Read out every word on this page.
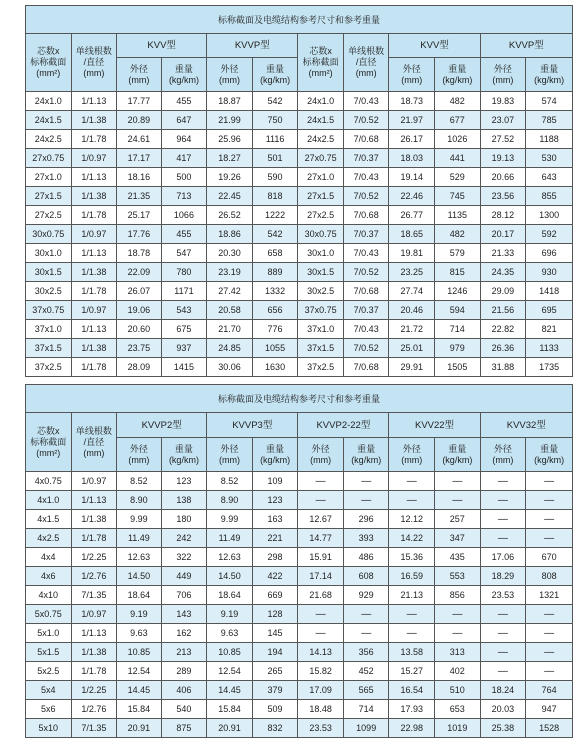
标称截面及电缆结构参考尺寸和参考重量											
芯数x
标称截面
(mm²)	单线根数
/直径
(mm)	KVV型		KVVP型		芯数x
标称截面
(mm²)	单线根数
/直径
(mm)	KVV型		KVVP型	
		外径
(mm)	重量
(kg/km)	外径
(mm)	重量
(kg/km)			外径
(mm)	重量
(kg/km)	外径
(mm)	重量
(kg/km)
24x1.0	1/1.13	17.77	455	18.87	542	24x1.0	7/0.43	18.73	482	19.83	574
24x1.5	1/1.38	20.89	647	21.99	750	24x1.5	7/0.52	21.97	677	23.07	785
24x2.5	1/1.78	24.61	964	25.96	1116	24x2.5	7/0.68	26.17	1026	27.52	1188
27x0.75	1/0.97	17.17	417	18.27	501	27x0.75	7/0.37	18.03	441	19.13	530
27x1.0	1/1.13	18.16	500	19.26	590	27x1.0	7/0.43	19.14	529	20.66	643
27x1.5	1/1.38	21.35	713	22.45	818	27x1.5	7/0.52	22.46	745	23.56	855
27x2.5	1/1.78	25.17	1066	26.52	1222	27x2.5	7/0.68	26.77	1135	28.12	1300
30x0.75	1/0.97	17.76	455	18.86	542	30x0.75	7/0.37	18.65	482	20.17	592
30x1.0	1/1.13	18.78	547	20.30	658	30x1.0	7/0.43	19.81	579	21.33	696
30x1.5	1/1.38	22.09	780	23.19	889	30x1.5	7/0.52	23.25	815	24.35	930
30x2.5	1/1.78	26.07	1171	27.42	1332	30x2.5	7/0.68	27.74	1246	29.09	1418
37x0.75	1/0.97	19.06	543	20.58	656	37x0.75	7/0.37	20.46	594	21.56	695
37x1.0	1/1.13	20.60	675	21.70	776	37x1.0	7/0.43	21.72	714	22.82	821
37x1.5	1/1.38	23.75	937	24.85	1055	37x1.5	7/0.52	25.01	979	26.36	1133
37x2.5	1/1.78	28.09	1415	30.06	1630	37x2.5	7/0.68	29.91	1505	31.88	1735
标称截面及电缆结构参考尺寸和参考重量											
芯数x
标称截面
(mm²)	单线根数
/直径
(mm)	KVVP2型		KVVP3型		KVVP2-22型		KVV22型		KVV32型	
		外径
(mm)	重量
(kg/km)	外径
(mm)	重量
(kg/km)	外径
(mm)	重量
(kg/km)	外径
(mm)	重量
(kg/km)	外径
(mm)	重量
(kg/km)
4x0.75	1/0.97	8.52	123	8.52	109	—	—	—	—	—	—
4x1.0	1/1.13	8.90	138	8.90	123	—	—	—	—	—	—
4x1.5	1/1.38	9.99	180	9.99	163	12.67	296	12.12	257	—	—
4x2.5	1/1.78	11.49	242	11.49	221	14.77	393	14.22	347	—	—
4x4	1/2.25	12.63	322	12.63	298	15.91	486	15.36	435	17.06	670
4x6	1/2.76	14.50	449	14.50	422	17.14	608	16.59	553	18.29	808
4x10	7/1.35	18.64	706	18.64	669	21.68	929	21.13	856	23.53	1321
5x0.75	1/0.97	9.19	143	9.19	128	—	—	—	—	—	—
5x1.0	1/1.13	9.63	162	9.63	145	—	—	—	—	—	—
5x1.5	1/1.38	10.85	213	10.85	194	14.13	356	13.58	313	—	—
5x2.5	1/1.78	12.54	289	12.54	265	15.82	452	15.27	402	—	—
5x4	1/2.25	14.45	406	14.45	379	17.09	565	16.54	510	18.24	764
5x6	1/2.76	15.84	540	15.84	509	18.48	714	17.93	653	20.03	947
5x10	7/1.35	20.91	875	20.91	832	23.53	1099	22.98	1019	25.38	1528
